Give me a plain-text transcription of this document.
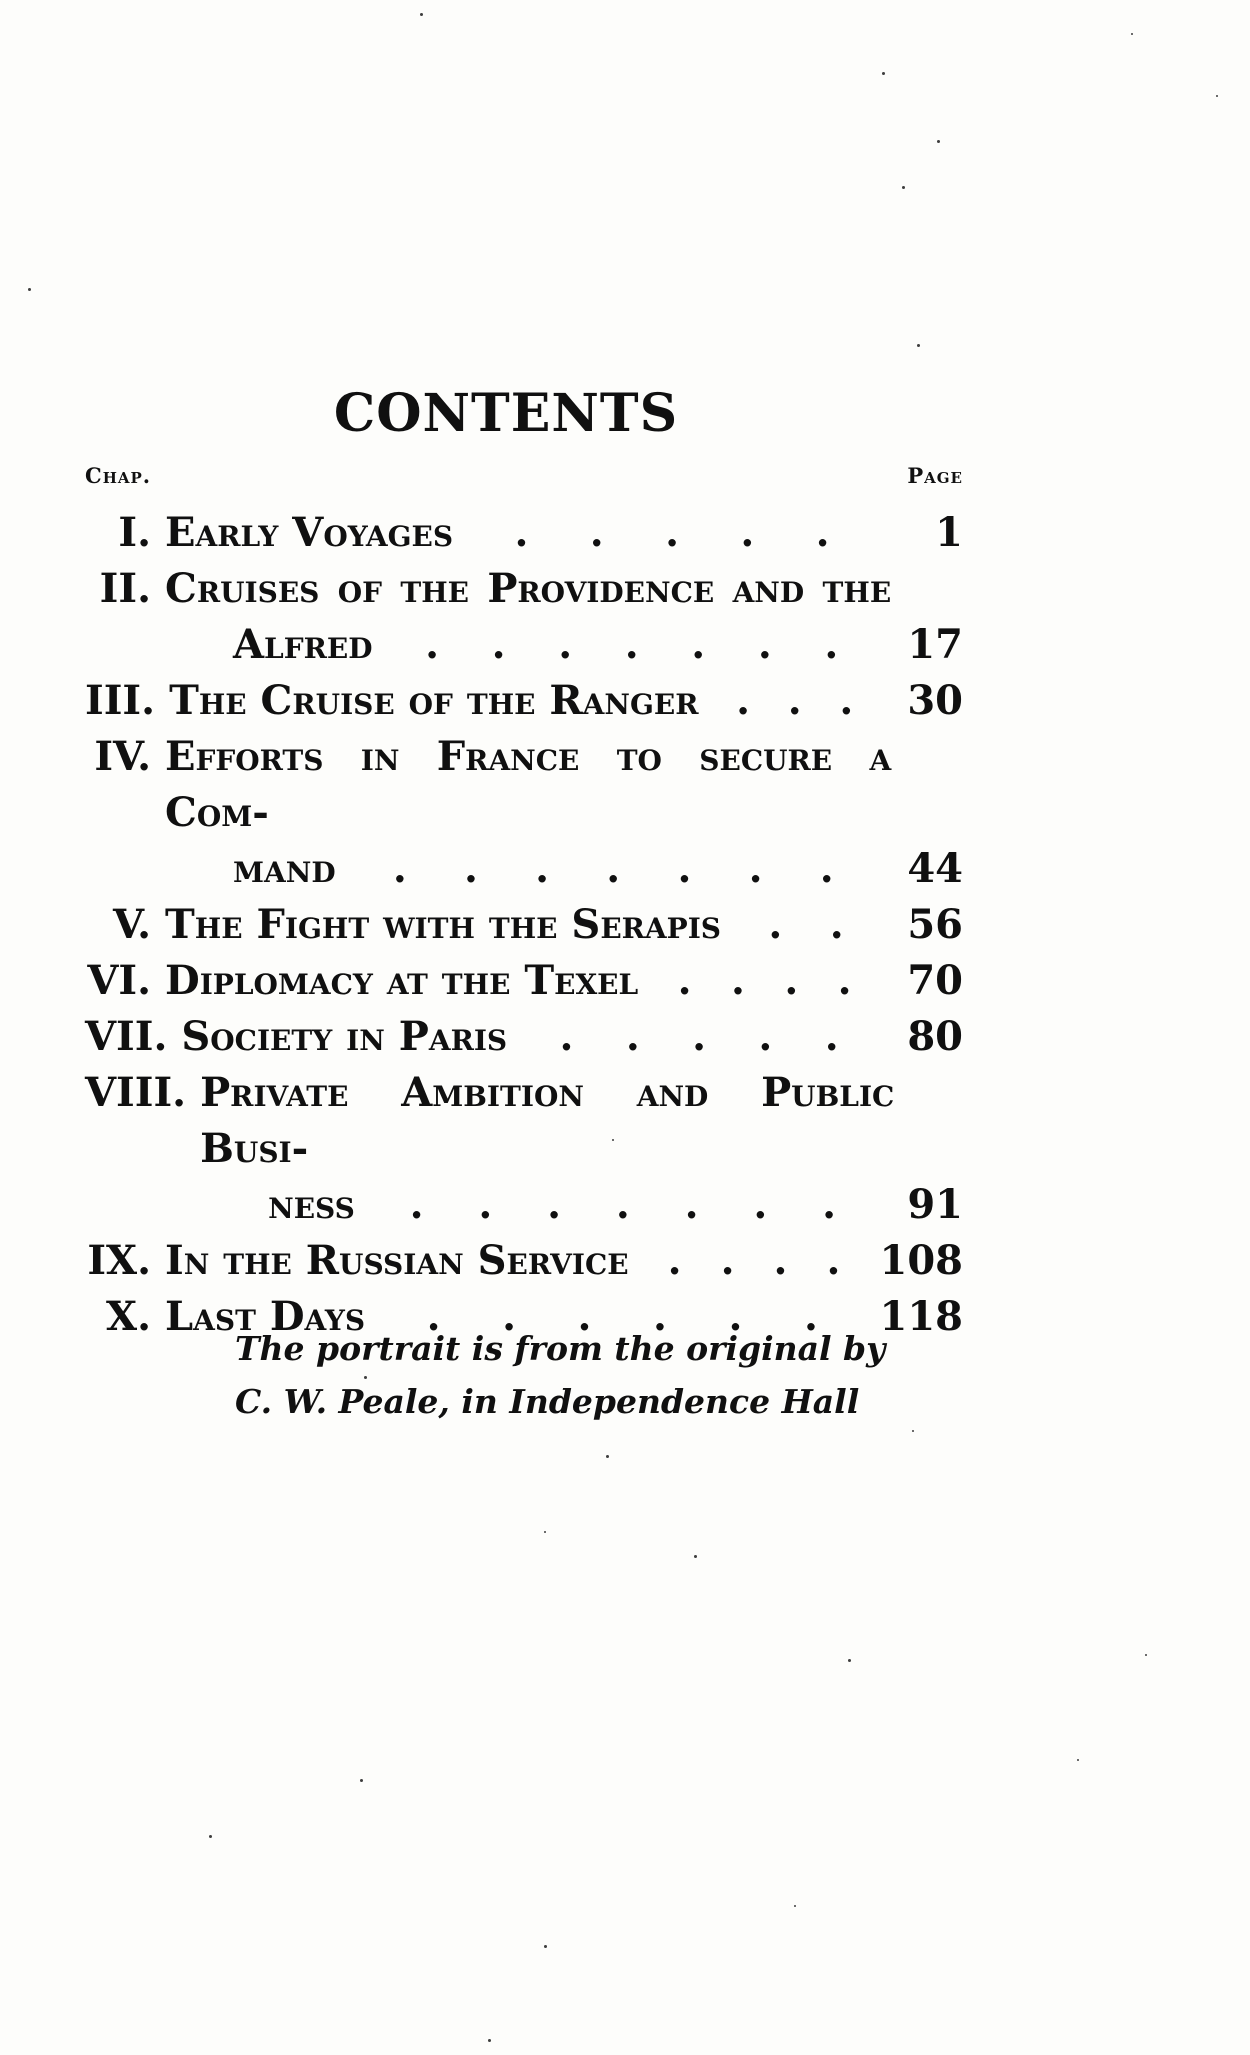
CONTENTS
Chap.	Page
I. Early Voyages . . . . .	1
II. Cruises of the Providence and the
Alfred . . . . . . .	17
III. The Cruise of the Ranger . . .	30
IV. Efforts in France to secure a Com-
mand . . . . . . .	44
V. The Fight with the Serapis . .	56
VI. Diplomacy at the Texel . . . .	70
VII. Society in Paris . . . . .	80
VIII. Private Ambition and Public Busi-
ness . . . . . . .	91
IX. In the Russian Service . . . . 108
X. Last Days . . . . . . 118
The portrait is from the original by
C. W. Peale, in Independence Hall
